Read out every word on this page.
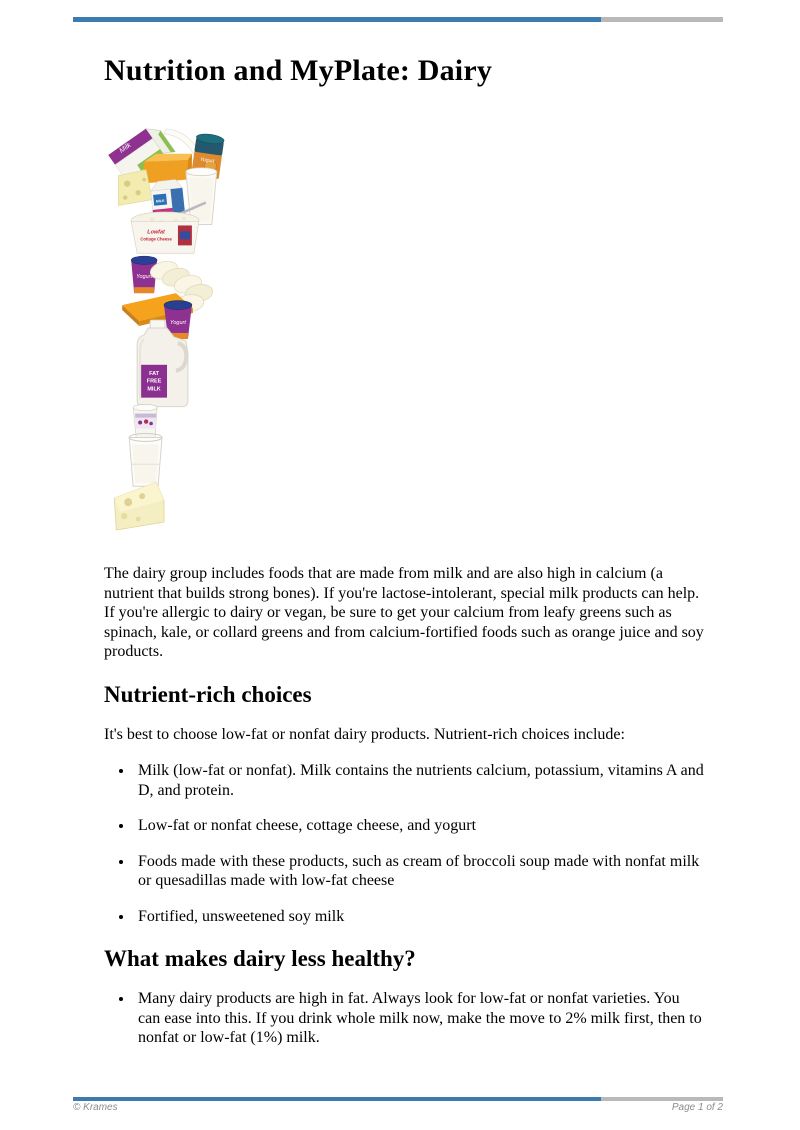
Nutrition and MyPlate: Dairy
Milk
Yogurt
MILK
Lowfat
Cottage Cheese
Yogurt
Yogurt
FAT
FREE
MILK

The dairy group includes foods that are made from milk and are also high in calcium (a nutrient that builds strong bones). If you're lactose-intolerant, special milk products can help. If you're allergic to dairy or vegan, be sure to get your calcium from leafy greens such as spinach, kale, or collard greens and from calcium-fortified foods such as orange juice and soy products.

Nutrient-rich choices

It's best to choose low-fat or nonfat dairy products. Nutrient-rich choices include:

• Milk (low-fat or nonfat). Milk contains the nutrients calcium, potassium, vitamins A and D, and protein.
• Low-fat or nonfat cheese, cottage cheese, and yogurt
• Foods made with these products, such as cream of broccoli soup made with nonfat milk or quesadillas made with low-fat cheese
• Fortified, unsweetened soy milk
What makes dairy less healthy?
• Many dairy products are high in fat. Always look for low-fat or nonfat varieties. You can ease into this. If you drink whole milk now, make the move to 2% milk first, then to nonfat or low-fat (1%) milk.
© Krames	Page 1 of 2
